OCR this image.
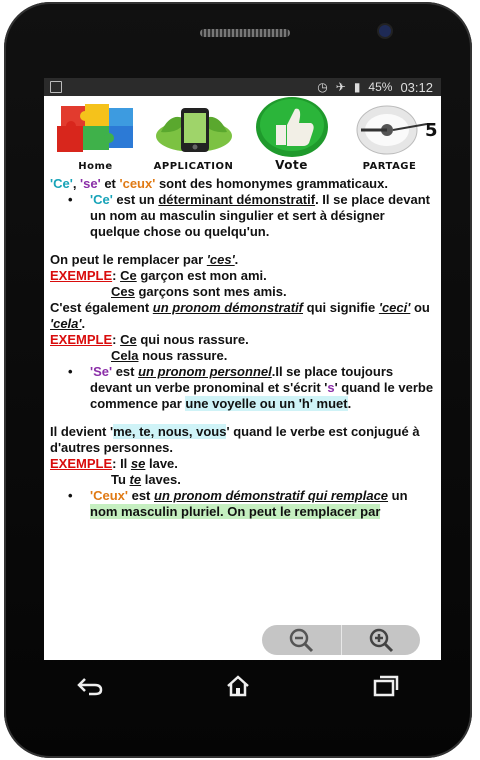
◷ ✈ ▮ 45% 03:12
Home	APPLICATION	Vote
5
PARTAGE

'Ce', 'se' et 'ceux' sont des homonymes grammaticaux.

•	'Ce' est un déterminant démonstratif. Il se place devant un nom au masculin singulier et sert à désigner quelque chose ou quelqu'un.

On peut le remplacer par 'ces'.

EXEMPLE: Ce garçon est mon ami.

Ces garçons sont mes amis.

C'est également un pronom démonstratif qui signifie 'ceci' ou 'cela'.

EXEMPLE: Ce qui nous rassure.

Cela nous rassure.

•	'Se' est un pronom personnel.Il se place toujours devant un verbe pronominal et s'écrit 's' quand le verbe commence par une voyelle ou un 'h' muet.

Il devient 'me, te, nous, vous' quand le verbe est conjugué à d'autres personnes.

EXEMPLE: Il se lave.

Tu te laves.

•	'Ceux' est un pronom démonstratif qui remplace un nom masculin pluriel. On peut le remplacer par
